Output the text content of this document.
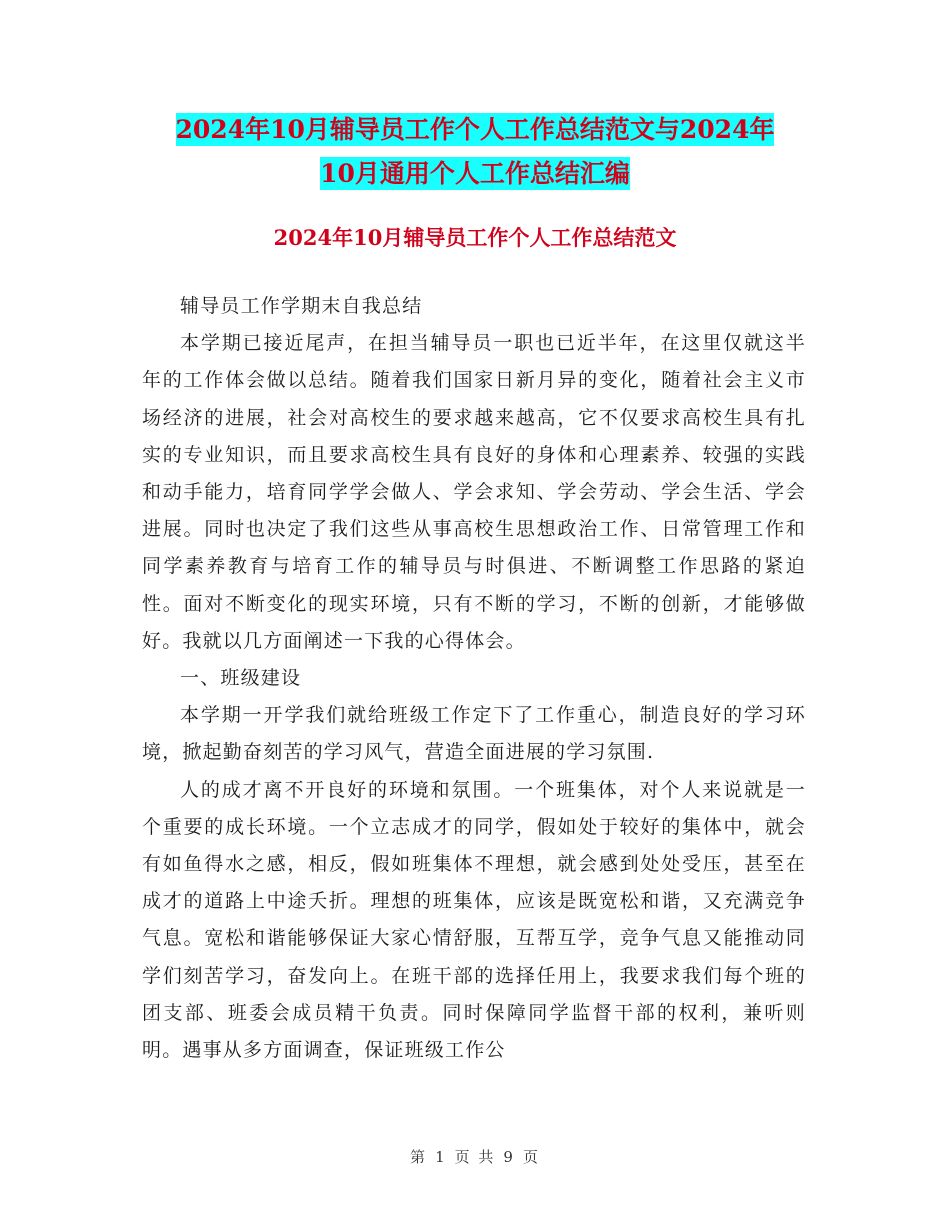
2024年10月辅导员工作个人工作总结范文与2024年
10月通用个人工作总结汇编
2024年10月辅导员工作个人工作总结范文

辅导员工作学期末自我总结

本学期已接近尾声，在担当辅导员一职也已近半年，在这里仅就这半年的工作体会做以总结。随着我们国家日新月异的变化，随着社会主义市场经济的进展，社会对高校生的要求越来越高，它不仅要求高校生具有扎实的专业知识，而且要求高校生具有良好的身体和心理素养、较强的实践和动手能力，培育同学学会做人、学会求知、学会劳动、学会生活、学会进展。同时也决定了我们这些从事高校生思想政治工作、日常管理工作和同学素养教育与培育工作的辅导员与时俱进、不断调整工作思路的紧迫性。面对不断变化的现实环境，只有不断的学习，不断的创新，才能够做好。我就以几方面阐述一下我的心得体会。

一、班级建设

本学期一开学我们就给班级工作定下了工作重心，制造良好的学习环境，掀起勤奋刻苦的学习风气，营造全面进展的学习氛围.

人的成才离不开良好的环境和氛围。一个班集体，对个人来说就是一个重要的成长环境。一个立志成才的同学，假如处于较好的集体中，就会有如鱼得水之感，相反，假如班集体不理想，就会感到处处受压，甚至在成才的道路上中途夭折。理想的班集体，应该是既宽松和谐，又充满竞争气息。宽松和谐能够保证大家心情舒服，互帮互学，竞争气息又能推动同学们刻苦学习，奋发向上。在班干部的选择任用上，我要求我们每个班的团支部、班委会成员精干负责。同时保障同学监督干部的权利，兼听则明。遇事从多方面调查，保证班级工作公

第 1 页 共 9 页
